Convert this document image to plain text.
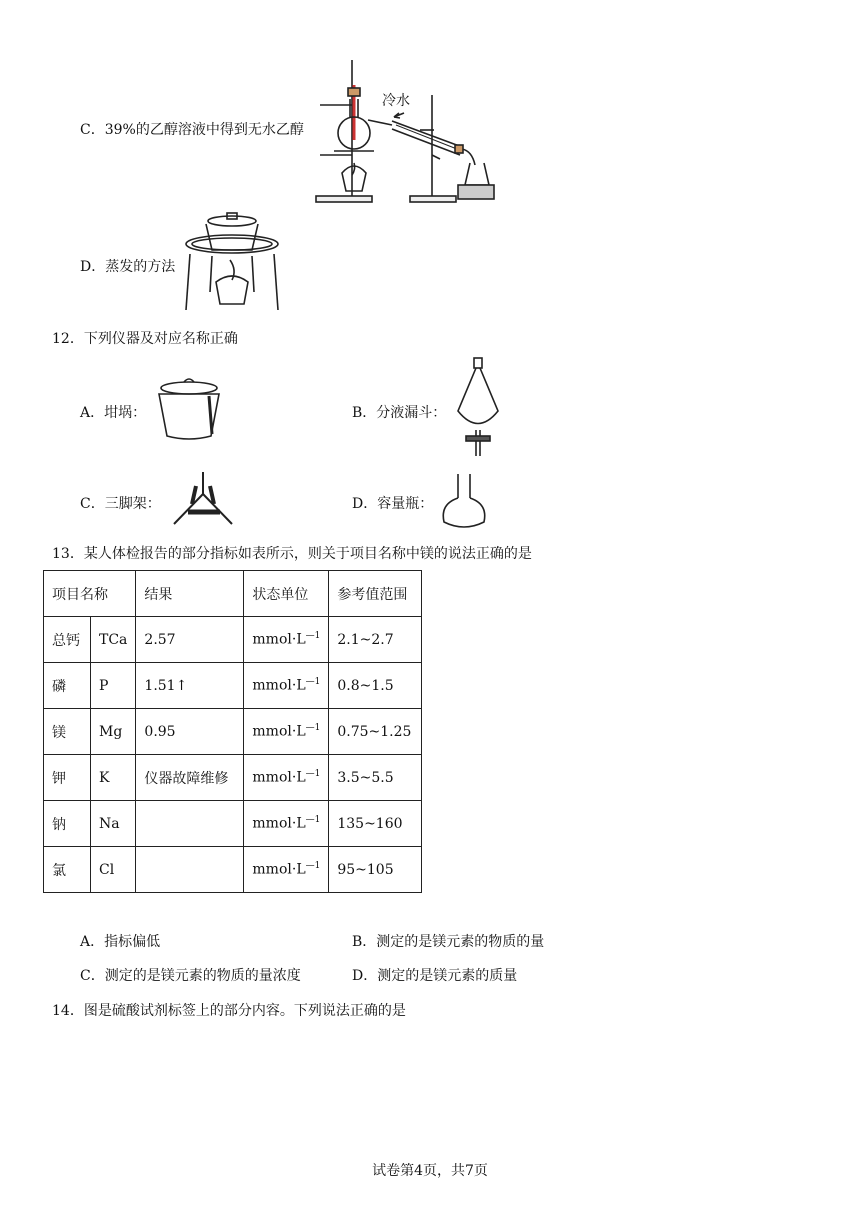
C．39%的乙醇溶液中得到无水乙醇
冷水
D．蒸发的方法
12．下列仪器及对应名称正确
A．坩埚：	B．分液漏斗：
C．三脚架：	D．容量瓶：
13．某人体检报告的部分指标如表所示，则关于项目名称中镁的说法正确的是
项目名称		结果	状态单位	参考值范围
总钙	TCa	2.57	$mmol\cdot L^{—1}$	2.1~2.7
磷	P	1.51↑	$mmol\cdot L^{—1}$	0.8~1.5
镁	Mg	0.95	$mmol\cdot L^{—1}$	0.75~1.25
钾	K	仪器故障维修	$mmol\cdot L^{—1}$	3.5~5.5
钠	Na		$mmol\cdot L^{—1}$	135~160
氯	Cl		$mmol\cdot L^{—1}$	95~105
A．指标偏低	B．测定的是镁元素的物质的量
C．测定的是镁元素的物质的量浓度	D．测定的是镁元素的质量
14．图是硫酸试剂标签上的部分内容。下列说法正确的是
试卷第4页，共7页
